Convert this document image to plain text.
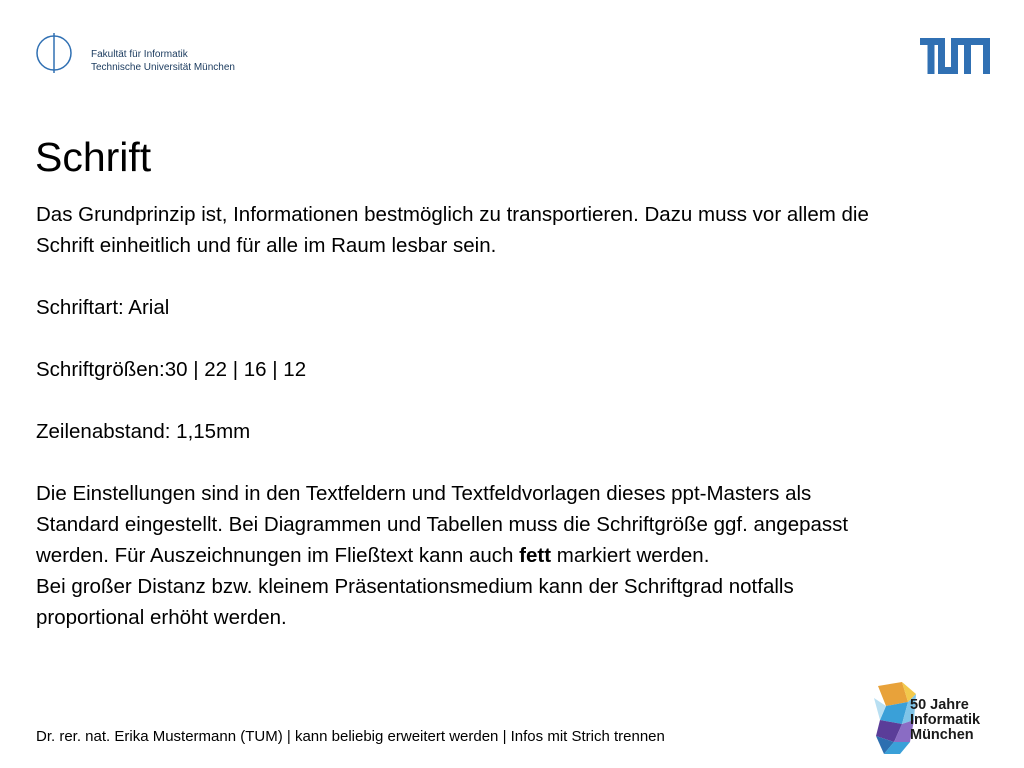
Fakultät für Informatik
Technische Universität München
Schrift

Das Grundprinzip ist, Informationen bestmöglich zu transportieren. Dazu muss vor allem die

Schrift einheitlich und für alle im Raum lesbar sein.

Schriftart: Arial

Schriftgrößen:30 | 22 | 16 | 12

Zeilenabstand: 1,15mm

Die Einstellungen sind in den Textfeldern und Textfeldvorlagen dieses ppt-Masters als

Standard eingestellt. Bei Diagrammen und Tabellen muss die Schriftgröße ggf. angepasst

werden. Für Auszeichnungen im Fließtext kann auch fett markiert werden.

Bei großer Distanz bzw. kleinem Präsentationsmedium kann der Schriftgrad notfalls

proportional erhöht werden.

Dr. rer. nat. Erika Mustermann (TUM) | kann beliebig erweitert werden | Infos mit Strich trennen
50 Jahre
Informatik
München
